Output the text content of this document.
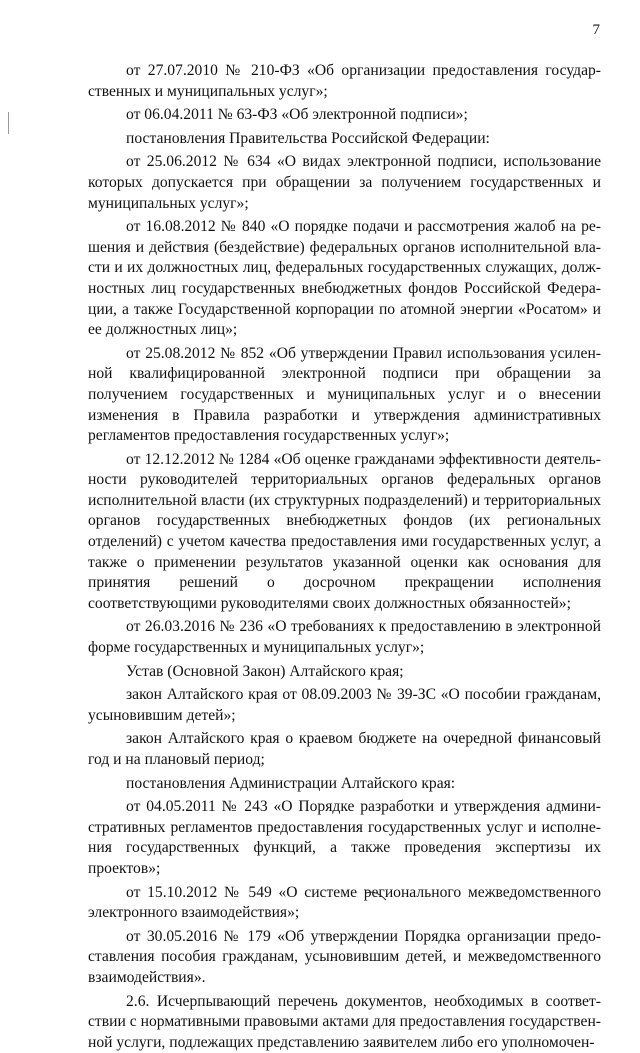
7

от 27.07.2010 № 210-ФЗ «Об организации предоставления государственных и муниципальных услуг»;

от 06.04.2011 № 63-ФЗ «Об электронной подписи»;

постановления Правительства Российской Федерации:

от 25.06.2012 № 634 «О видах электронной подписи, использование которых допускается при обращении за получением государственных и муниципальных услуг»;

от 16.08.2012 № 840 «О порядке подачи и рассмотрения жалоб на решения и действия (бездействие) федеральных органов исполнительной власти и их должностных лиц, федеральных государственных служащих, должностных лиц государственных внебюджетных фондов Российской Федерации, а также Государственной корпорации по атомной энергии «Росатом» и ее должностных лиц»;

от 25.08.2012 № 852 «Об утверждении Правил использования усиленной квалифицированной электронной подписи при обращении за получением государственных и муниципальных услуг и о внесении изменения в Правила разработки и утверждения административных регламентов предоставления государственных услуг»;

от 12.12.2012 № 1284 «Об оценке гражданами эффективности деятельности руководителей территориальных органов федеральных органов исполнительной власти (их структурных подразделений) и территориальных органов государственных внебюджетных фондов (их региональных отделений) с учетом качества предоставления ими государственных услуг, а также о применении результатов указанной оценки как основания для принятия решений о досрочном прекращении исполнения соответствующими руководителями своих должностных обязанностей»;

от 26.03.2016 № 236 «О требованиях к предоставлению в электронной форме государственных и муниципальных услуг»;

Устав (Основной Закон) Алтайского края;

закон Алтайского края от 08.09.2003 № 39-ЗС «О пособии гражданам, усыновившим детей»;

закон Алтайского края о краевом бюджете на очередной финансовый год и на плановый период;

постановления Администрации Алтайского края:

от 04.05.2011 № 243 «О Порядке разработки и утверждения административных регламентов предоставления государственных услуг и исполнения государственных функций, а также проведения экспертизы их проектов»;

от 15.10.2012 № 549 «О системе регионального межведомственного электронного взаимодействия»;

от 30.05.2016 № 179 «Об утверждении Порядка организации предоставления пособия гражданам, усыновившим детей, и межведомственного взаимодействия».

2.6. Исчерпывающий перечень документов, необходимых в соответствии с нормативными правовыми актами для предоставления государственной услуги, подлежащих представлению заявителем либо его уполномочен-
